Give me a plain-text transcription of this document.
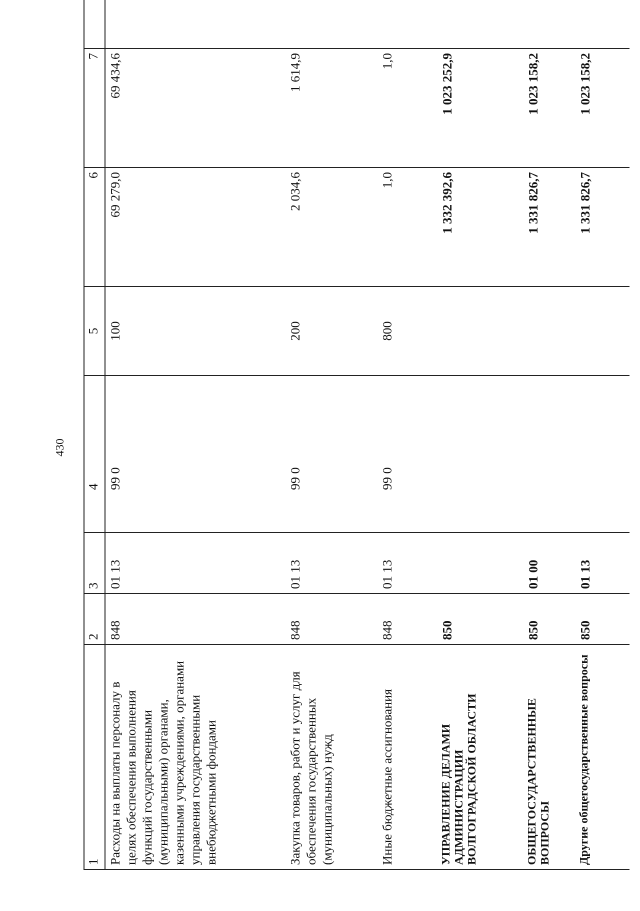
430
1	2	3	4	5	6	7	
Расходы на выплаты персоналу в целях обеспечения выполнения функций государственными (муниципальными) органами, казенными учреждениями, органами управления государственными внебюджетными фондами	848	01 13	99 0	100	69 279,0	69 434,6	
Закупка товаров, работ и услуг для обеспечения государственных (муниципальных) нужд	848	01 13	99 0	200	2 034,6	1 614,9	
Иные бюджетные ассигнования	848	01 13	99 0	800	1,0	1,0	
УПРАВЛЕНИЕ ДЕЛАМИ АДМИНИСТРАЦИИ ВОЛГОГРАДСКОЙ ОБЛАСТИ	850				1 332 392,6	1 023 252,9	
ОБЩЕГОСУДАРСТВЕННЫЕ ВОПРОСЫ	850	01 00			1 331 826,7	1 023 158,2	
Другие общегосударственные вопросы	850	01 13			1 331 826,7	1 023 158,2	
